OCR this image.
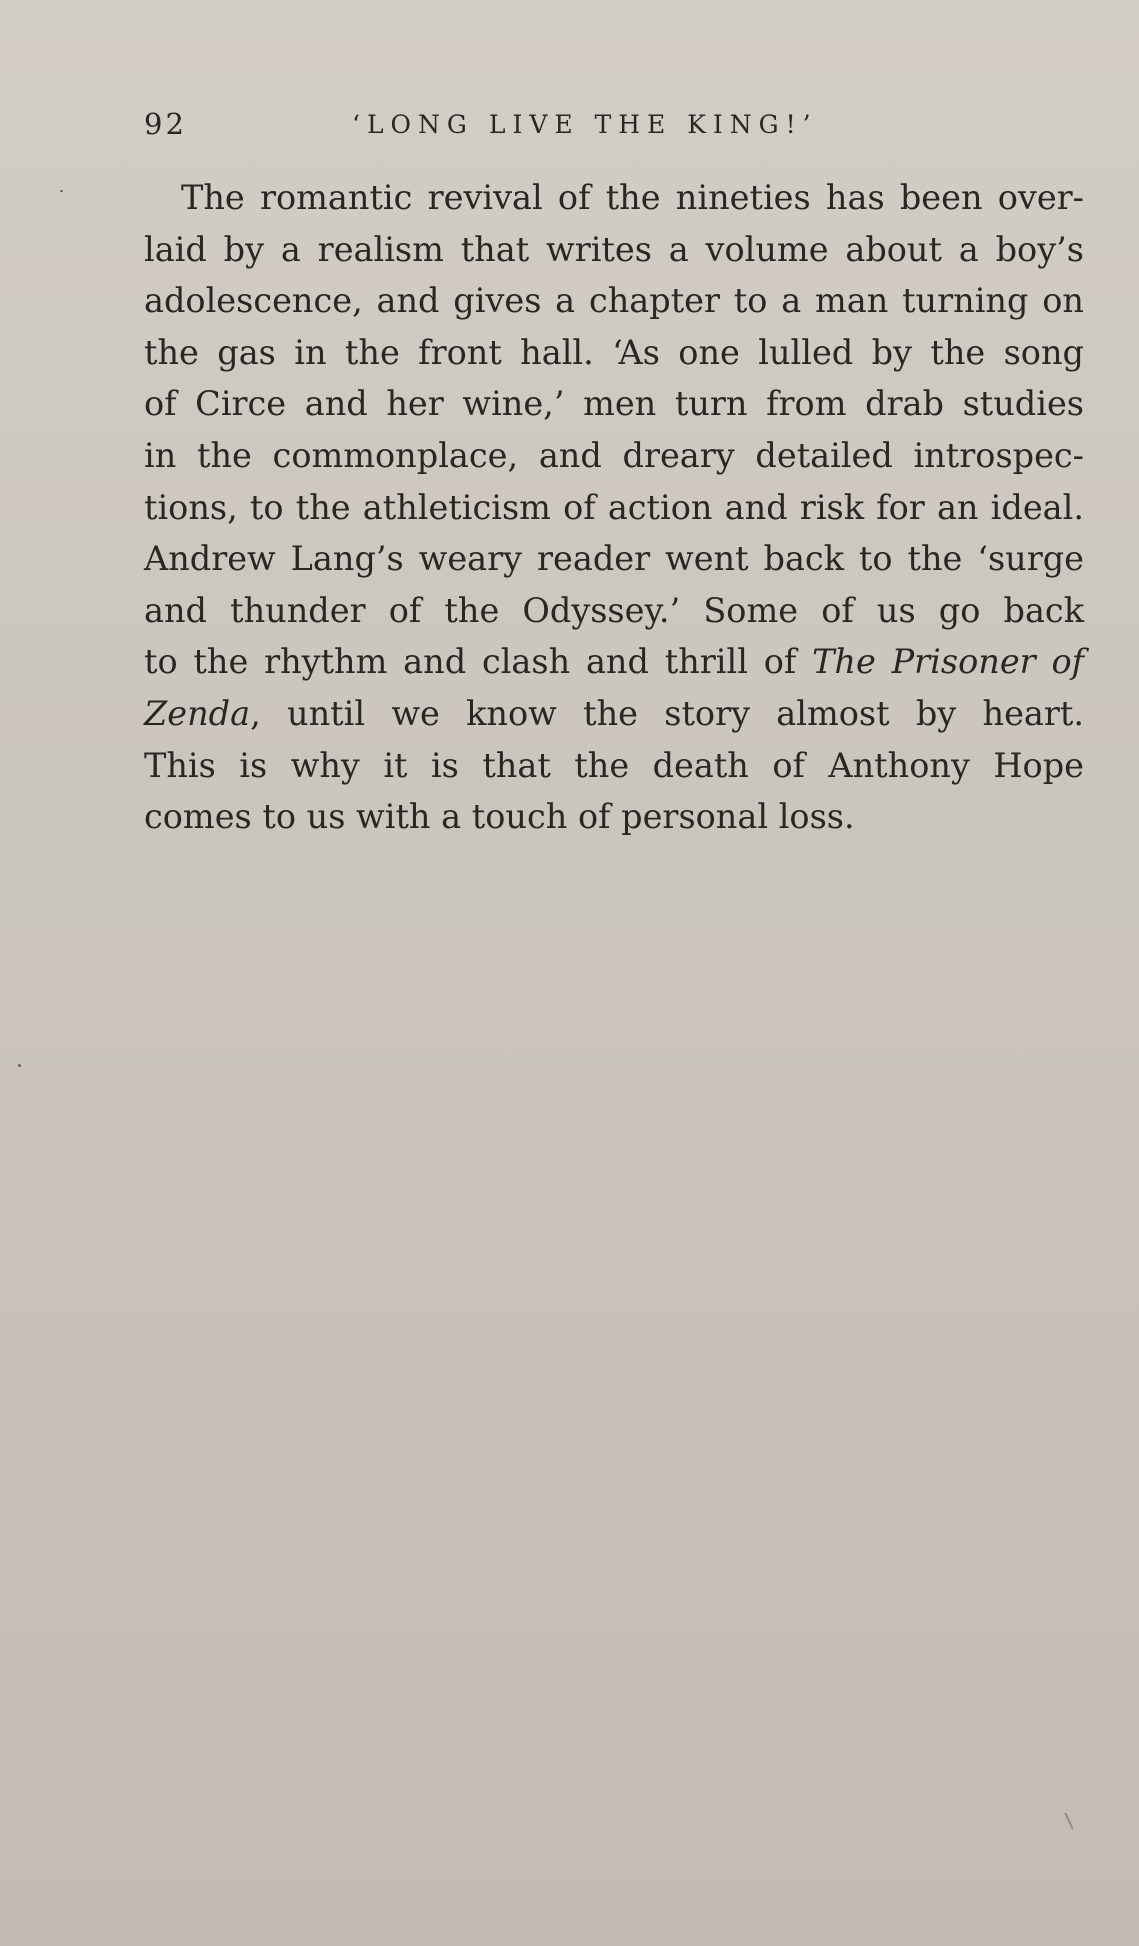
92	‘LONG LIVE THE KING!’
The romantic revival of the nineties has been over-
laid by a realism that writes a volume about a boy’s
adolescence, and gives a chapter to a man turning on
the gas in the front hall. ‘As one lulled by the song
of Circe and her wine,’ men turn from drab studies
in the commonplace, and dreary detailed introspec-
tions, to the athleticism of action and risk for an ideal.
Andrew Lang’s weary reader went back to the ‘surge
and thunder of the Odyssey.’ Some of us go back
to the rhythm and clash and thrill of The Prisoner of
Zenda, until we know the story almost by heart.
This is why it is that the death of Anthony Hope
comes to us with a touch of personal loss.
